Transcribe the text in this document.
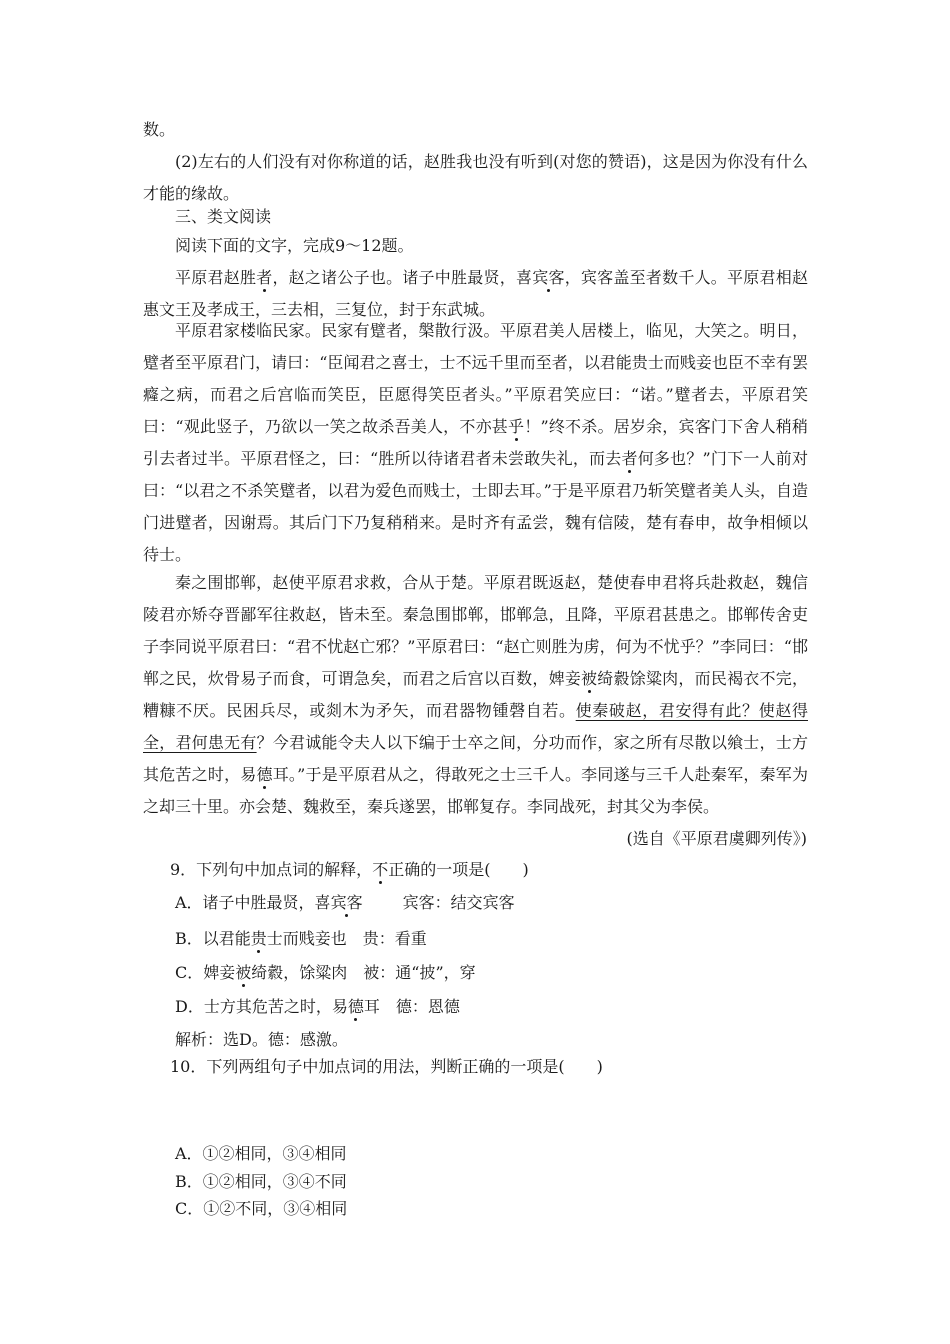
数。
(2)左右的人们没有对你称道的话，赵胜我也没有听到(对您的赞语)，这是因为你没有什么才能的缘故。
三、类文阅读
阅读下面的文字，完成9～12题。
平原君赵胜者，赵之诸公子也。诸子中胜最贤，喜宾客，宾客盖至者数千人。平原君相赵惠文王及孝成王，三去相，三复位，封于东武城。
平原君家楼临民家。民家有躄者，槃散行汲。平原君美人居楼上，临见，大笑之。明日，躄者至平原君门，请曰：“臣闻君之喜士，士不远千里而至者，以君能贵士而贱妾也臣不幸有罢癃之病，而君之后宫临而笑臣，臣愿得笑臣者头。”平原君笑应曰：“诺。”躄者去，平原君笑曰：“观此竖子，乃欲以一笑之故杀吾美人，不亦甚乎！”终不杀。居岁余，宾客门下舍人稍稍引去者过半。平原君怪之，曰：“胜所以待诸君者未尝敢失礼，而去者何多也？”门下一人前对曰：“以君之不杀笑躄者，以君为爱色而贱士，士即去耳。”于是平原君乃斩笑躄者美人头，自造门进躄者，因谢焉。其后门下乃复稍稍来。是时齐有孟尝，魏有信陵，楚有春申，故争相倾以待士。
秦之围邯郸，赵使平原君求救，合从于楚。平原君既返赵，楚使春申君将兵赴救赵，魏信陵君亦矫夺晋鄙军往救赵，皆未至。秦急围邯郸，邯郸急，且降，平原君甚患之。邯郸传舍吏子李同说平原君曰：“君不忧赵亡邪？”平原君曰：“赵亡则胜为虏，何为不忧乎？”李同曰：“邯郸之民，炊骨易子而食，可谓急矣，而君之后宫以百数，婢妾被绮縠馀粱肉，而民褐衣不完，糟糠不厌。民困兵尽，或剡木为矛矢，而君器物锺磬自若。使秦破赵，君安得有此？使赵得全，君何患无有？今君诚能令夫人以下编于士卒之间，分功而作，家之所有尽散以飨士，士方其危苦之时，易德耳。”于是平原君从之，得敢死之士三千人。李同遂与三千人赴秦军，秦军为之却三十里。亦会楚、魏救至，秦兵遂罢，邯郸复存。李同战死，封其父为李侯。
(选自《平原君虞卿列传》)
9．下列句中加点词的解释，不正确的一项是(　　)
A．诸子中胜最贤，喜宾客	宾客：结交宾客
B．以君能贵士而贱妾也 贵：看重
C．婢妾被绮縠，馀粱肉 被：通“披”，穿
D．士方其危苦之时，易德耳 德：恩德
解析：选D。德：感激。
10．下列两组句子中加点词的用法，判断正确的一项是(　　)
A．①②相同，③④相同
B．①②相同，③④不同
C．①②不同，③④相同
